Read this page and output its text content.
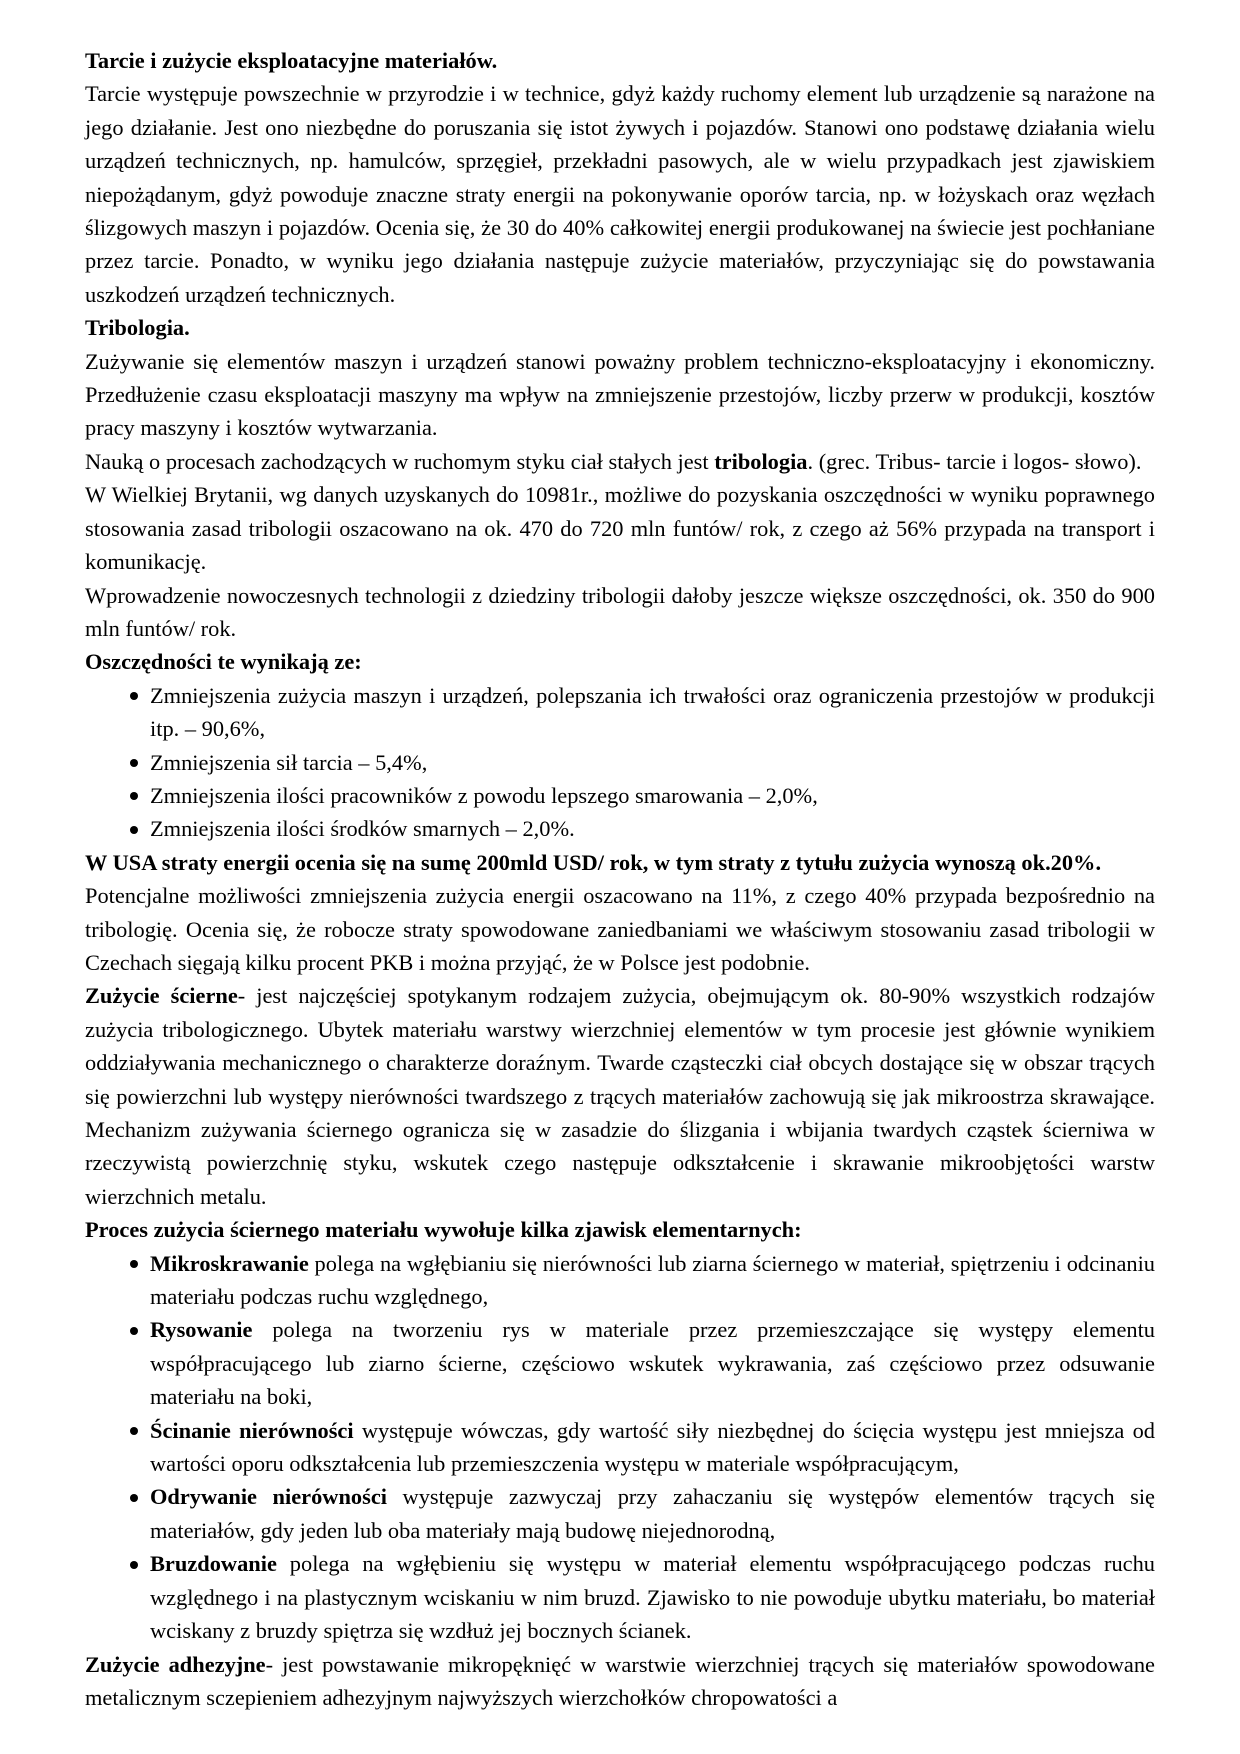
Tarcie i zużycie eksploatacyjne materiałów.

Tarcie występuje powszechnie w przyrodzie i w technice, gdyż każdy ruchomy element lub urządzenie są narażone na jego działanie. Jest ono niezbędne do poruszania się istot żywych i pojazdów. Stanowi ono podstawę działania wielu urządzeń technicznych, np. hamulców, sprzęgieł, przekładni pasowych, ale w wielu przypadkach jest zjawiskiem niepożądanym, gdyż powoduje znaczne straty energii na pokonywanie oporów tarcia, np. w łożyskach oraz węzłach ślizgowych maszyn i pojazdów. Ocenia się, że 30 do 40% całkowitej energii produkowanej na świecie jest pochłaniane przez tarcie. Ponadto, w wyniku jego działania następuje zużycie materiałów, przyczyniając się do powstawania uszkodzeń urządzeń technicznych.

Tribologia.

Zużywanie się elementów maszyn i urządzeń stanowi poważny problem techniczno-eksploatacyjny i ekonomiczny. Przedłużenie czasu eksploatacji maszyny ma wpływ na zmniejszenie przestojów, liczby przerw w produkcji, kosztów pracy maszyny i kosztów wytwarzania.

Nauką o procesach zachodzących w ruchomym styku ciał stałych jest tribologia. (grec. Tribus- tarcie i logos- słowo).

W Wielkiej Brytanii, wg danych uzyskanych do 10981r., możliwe do pozyskania oszczędności w wyniku poprawnego stosowania zasad tribologii oszacowano na ok. 470 do 720 mln funtów/ rok, z czego aż 56% przypada na transport i komunikację.

Wprowadzenie nowoczesnych technologii z dziedziny tribologii dałoby jeszcze większe oszczędności, ok. 350 do 900 mln funtów/ rok.

Oszczędności te wynikają ze:

Zmniejszenia zużycia maszyn i urządzeń, polepszania ich trwałości oraz ograniczenia przestojów w produkcji itp. – 90,6%,
Zmniejszenia sił tarcia – 5,4%,
Zmniejszenia ilości pracowników z powodu lepszego smarowania – 2,0%,
Zmniejszenia ilości środków smarnych – 2,0%.

W USA straty energii ocenia się na sumę 200mld USD/ rok, w tym straty z tytułu zużycia wynoszą ok.20%.

Potencjalne możliwości zmniejszenia zużycia energii oszacowano na 11%, z czego 40% przypada bezpośrednio na tribologię. Ocenia się, że robocze straty spowodowane zaniedbaniami we właściwym stosowaniu zasad tribologii w Czechach sięgają kilku procent PKB i można przyjąć, że w Polsce jest podobnie.

Zużycie ścierne- jest najczęściej spotykanym rodzajem zużycia, obejmującym ok. 80-90% wszystkich rodzajów zużycia tribologicznego. Ubytek materiału warstwy wierzchniej elementów w tym procesie jest głównie wynikiem oddziaływania mechanicznego o charakterze doraźnym. Twarde cząsteczki ciał obcych dostające się w obszar trących się powierzchni lub występy nierówności twardszego z trących materiałów zachowują się jak mikroostrza skrawające. Mechanizm zużywania ściernego ogranicza się w zasadzie do ślizgania i wbijania twardych cząstek ścierniwa w rzeczywistą powierzchnię styku, wskutek czego następuje odkształcenie i skrawanie mikroobjętości warstw wierzchnich metalu.

Proces zużycia ściernego materiału wywołuje kilka zjawisk elementarnych:

Mikroskrawanie polega na wgłębianiu się nierówności lub ziarna ściernego w materiał, spiętrzeniu i odcinaniu materiału podczas ruchu względnego,
Rysowanie polega na tworzeniu rys w materiale przez przemieszczające się występy elementu współpracującego lub ziarno ścierne, częściowo wskutek wykrawania, zaś częściowo przez odsuwanie materiału na boki,
Ścinanie nierówności występuje wówczas, gdy wartość siły niezbędnej do ścięcia występu jest mniejsza od wartości oporu odkształcenia lub przemieszczenia występu w materiale współpracującym,
Odrywanie nierówności występuje zazwyczaj przy zahaczaniu się występów elementów trących się materiałów, gdy jeden lub oba materiały mają budowę niejednorodną,
Bruzdowanie polega na wgłębieniu się występu w materiał elementu współpracującego podczas ruchu względnego i na plastycznym wciskaniu w nim bruzd. Zjawisko to nie powoduje ubytku materiału, bo materiał wciskany z bruzdy spiętrza się wzdłuż jej bocznych ścianek.

Zużycie adhezyjne- jest powstawanie mikropęknięć w warstwie wierzchniej trących się materiałów spowodowane metalicznym sczepieniem adhezyjnym najwyższych wierzchołków chropowatości a
